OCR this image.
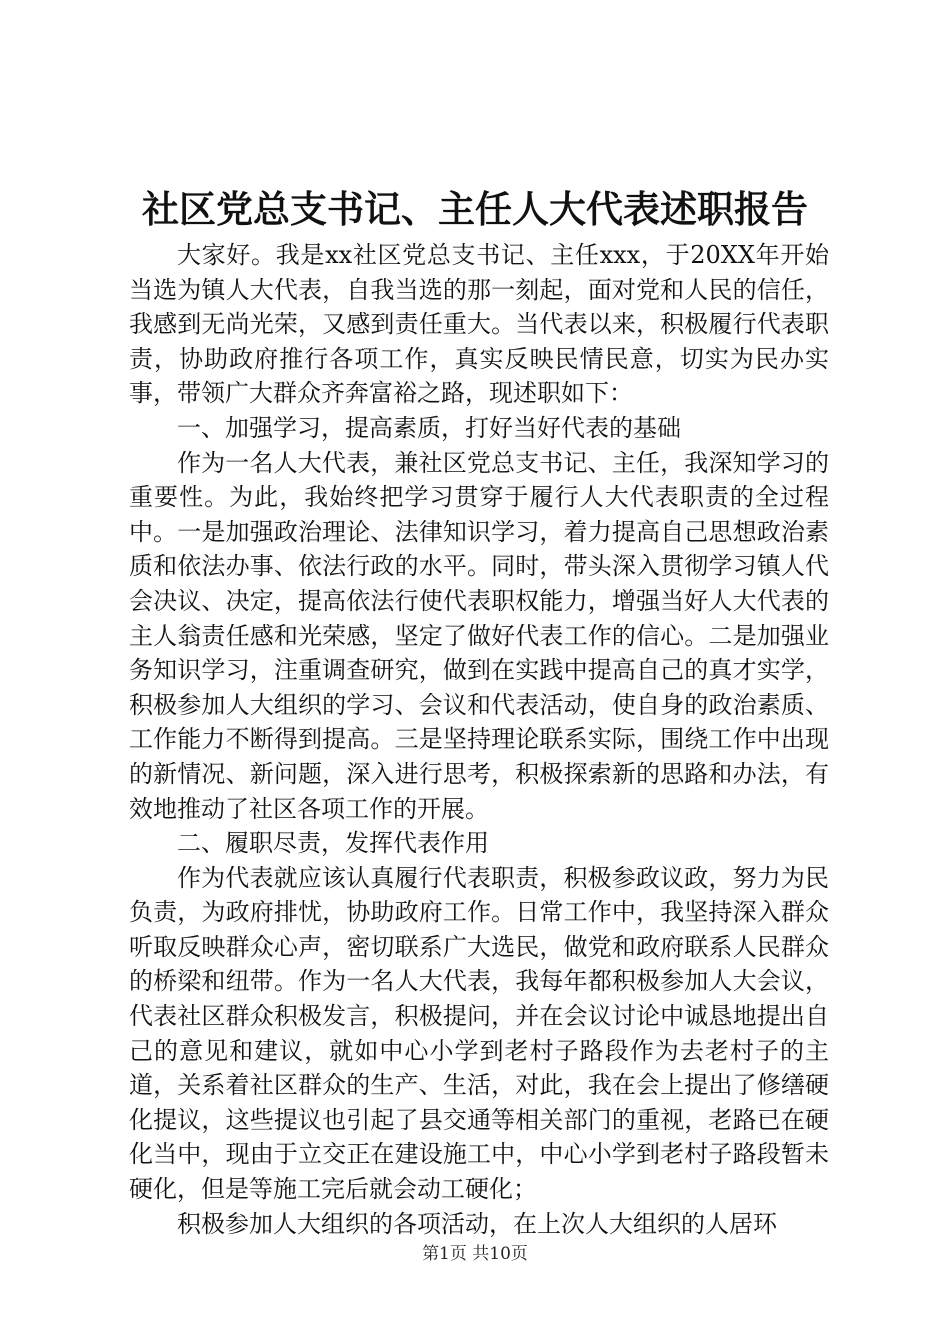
社区党总支书记、主任人大代表述职报告

大家好。我是xx社区党总支书记、主任xxx，于20XX年开始当选为镇人大代表，自我当选的那一刻起，面对党和人民的信任，我感到无尚光荣，又感到责任重大。当代表以来，积极履行代表职责，协助政府推行各项工作，真实反映民情民意，切实为民办实事，带领广大群众齐奔富裕之路，现述职如下：

一、加强学习，提高素质，打好当好代表的基础

作为一名人大代表，兼社区党总支书记、主任，我深知学习的重要性。为此，我始终把学习贯穿于履行人大代表职责的全过程中。一是加强政治理论、法律知识学习，着力提高自己思想政治素质和依法办事、依法行政的水平。同时，带头深入贯彻学习镇人代会决议、决定，提高依法行使代表职权能力，增强当好人大代表的主人翁责任感和光荣感，坚定了做好代表工作的信心。二是加强业务知识学习，注重调查研究，做到在实践中提高自己的真才实学，积极参加人大组织的学习、会议和代表活动，使自身的政治素质、工作能力不断得到提高。三是坚持理论联系实际，围绕工作中出现的新情况、新问题，深入进行思考，积极探索新的思路和办法，有效地推动了社区各项工作的开展。

二、履职尽责，发挥代表作用

作为代表就应该认真履行代表职责，积极参政议政，努力为民负责，为政府排忧，协助政府工作。日常工作中，我坚持深入群众听取反映群众心声，密切联系广大选民，做党和政府联系人民群众的桥梁和纽带。作为一名人大代表，我每年都积极参加人大会议，代表社区群众积极发言，积极提问，并在会议讨论中诚恳地提出自己的意见和建议，就如中心小学到老村子路段作为去老村子的主道，关系着社区群众的生产、生活，对此，我在会上提出了修缮硬化提议，这些提议也引起了县交通等相关部门的重视，老路已在硬化当中，现由于立交正在建设施工中，中心小学到老村子路段暂未硬化，但是等施工完后就会动工硬化；

积极参加人大组织的各项活动，在上次人大组织的人居环

第1页 共10页
